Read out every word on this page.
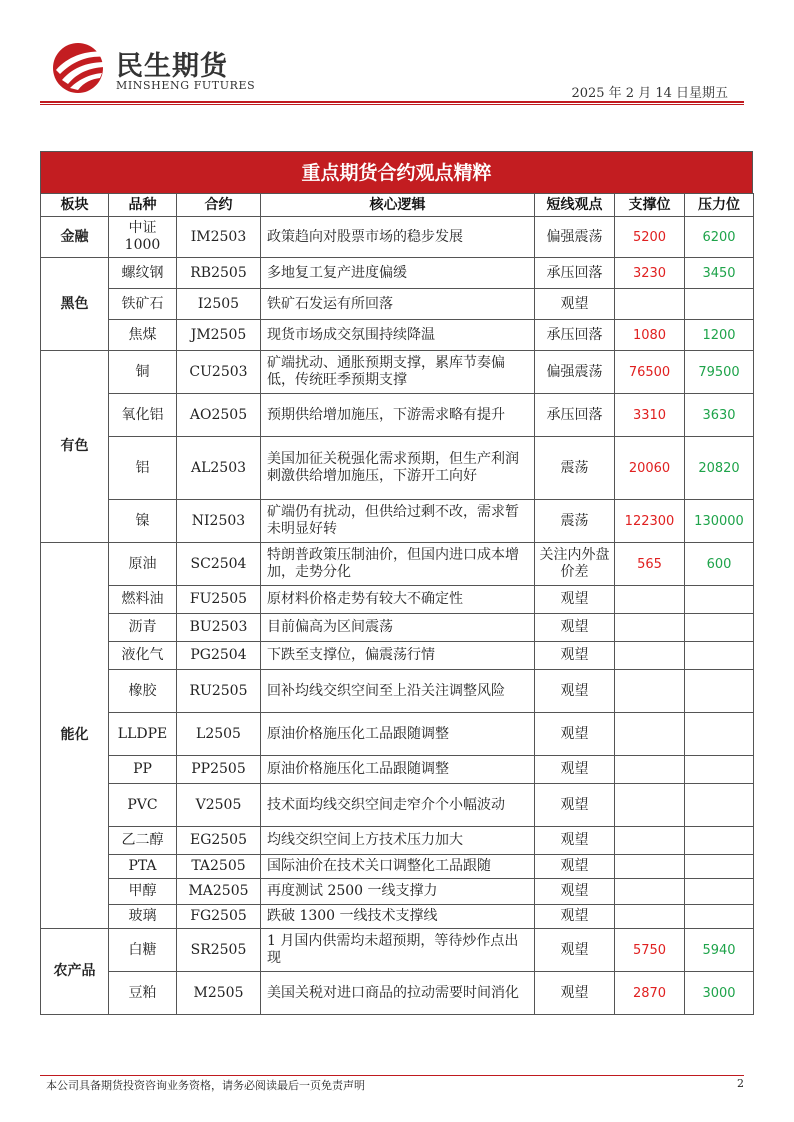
民生期货
MINSHENG FUTURES
2025 年 2 月 14 日星期五
重点期货合约观点精粹
板块	品种	合约	核心逻辑	短线观点	支撑位	压力位
金融	中证1000	IM2503	政策趋向对股票市场的稳步发展	偏强震荡	5200	6200
黑色	螺纹钢	RB2505	多地复工复产进度偏缓	承压回落	3230	3450
	铁矿石	I2505	铁矿石发运有所回落	观望		
	焦煤	JM2505	现货市场成交氛围持续降温	承压回落	1080	1200
有色	铜	CU2503	矿端扰动、通胀预期支撑，累库节奏偏低，传统旺季预期支撑	偏强震荡	76500	79500
	氧化铝	AO2505	预期供给增加施压，下游需求略有提升	承压回落	3310	3630
	铝	AL2503	美国加征关税强化需求预期，但生产利润刺激供给增加施压，下游开工向好	震荡	20060	20820
	镍	NI2503	矿端仍有扰动，但供给过剩不改，需求暂未明显好转	震荡	122300	130000
能化	原油	SC2504	特朗普政策压制油价，但国内进口成本增加，走势分化	关注内外盘价差	565	600
	燃料油	FU2505	原材料价格走势有较大不确定性	观望		
	沥青	BU2503	目前偏高为区间震荡	观望		
	液化气	PG2504	下跌至支撑位，偏震荡行情	观望		
	橡胶	RU2505	回补均线交织空间至上沿关注调整风险	观望		
	LLDPE	L2505	原油价格施压化工品跟随调整	观望		
	PP	PP2505	原油价格施压化工品跟随调整	观望		
	PVC	V2505	技术面均线交织空间走窄介个小幅波动	观望		
	乙二醇	EG2505	均线交织空间上方技术压力加大	观望		
	PTA	TA2505	国际油价在技术关口调整化工品跟随	观望		
	甲醇	MA2505	再度测试 2500 一线支撑力	观望		
	玻璃	FG2505	跌破 1300 一线技术支撑线	观望		
农产品	白糖	SR2505	1 月国内供需均未超预期，等待炒作点出现	观望	5750	5940
	豆粕	M2505	美国关税对进口商品的拉动需要时间消化	观望	2870	3000
本公司具备期货投资咨询业务资格，请务必阅读最后一页免责声明	2
